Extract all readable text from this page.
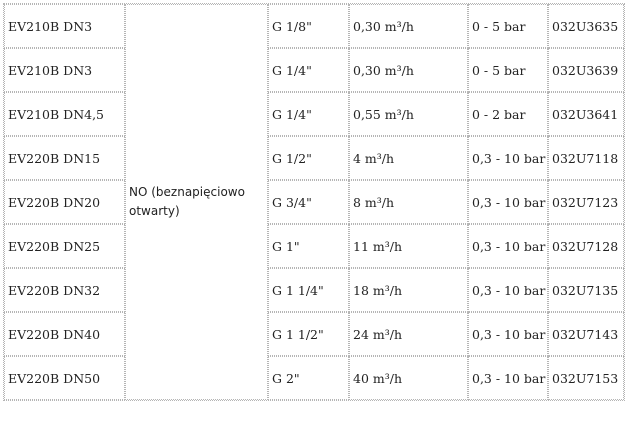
EV210B DN3	NO (beznapięciowo otwarty)	G 1/8"	0,30 m³/h	0 - 5 bar	032U3635
EV210B DN3		G 1/4"	0,30 m³/h	0 - 5 bar	032U3639
EV210B DN4,5		G 1/4"	0,55 m³/h	0 - 2 bar	032U3641
EV220B DN15		G 1/2"	4 m³/h	0,3 - 10 bar	032U7118
EV220B DN20		G 3/4"	8 m³/h	0,3 - 10 bar	032U7123
EV220B DN25		G 1"	11 m³/h	0,3 - 10 bar	032U7128
EV220B DN32		G 1 1/4"	18 m³/h	0,3 - 10 bar	032U7135
EV220B DN40		G 1 1/2"	24 m³/h	0,3 - 10 bar	032U7143
EV220B DN50		G 2"	40 m³/h	0,3 - 10 bar	032U7153
